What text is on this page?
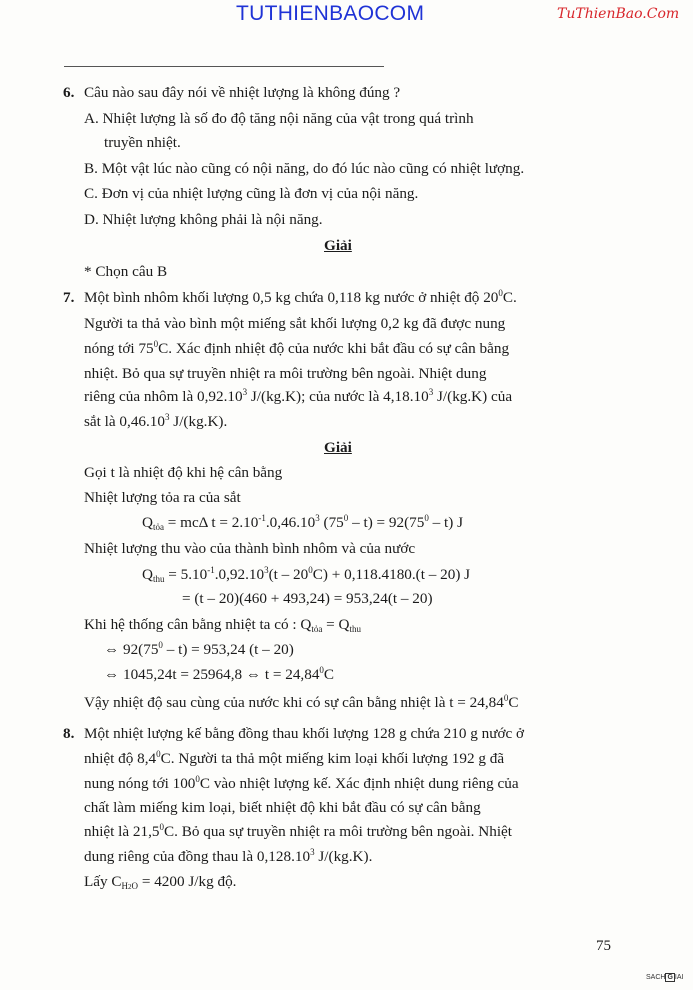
TUTHIENBAOCOM	TuThienBao.Com
6. Câu nào sau đây nói về nhiệt lượng là không đúng ?
A. Nhiệt lượng là số đo độ tăng nội năng của vật trong quá trình
truyền nhiệt.
B. Một vật lúc nào cũng có nội năng, do đó lúc nào cũng có nhiệt lượng.
C. Đơn vị của nhiệt lượng cũng là đơn vị của nội năng.
D. Nhiệt lượng không phải là nội năng.
Giải
* Chọn câu B
7. Một bình nhôm khối lượng 0,5 kg chứa 0,118 kg nước ở nhiệt độ $20^0C$.
Người ta thả vào bình một miếng sắt khối lượng 0,2 kg đã được nung
nóng tới $75^0C$. Xác định nhiệt độ của nước khi bắt đầu có sự cân bằng
nhiệt. Bỏ qua sự truyền nhiệt ra môi trường bên ngoài. Nhiệt dung
riêng của nhôm là 0,92.10$^3$ J/(kg.K); của nước là 4,18.10$^3$ J/(kg.K) của
sắt là 0,46.10$^3$ J/(kg.K).
Giải
Gọi t là nhiệt độ khi hệ cân bằng
Nhiệt lượng tỏa ra của sắt
$Q_{tỏa} = mc\Delta$ $t = 2.10^{-1}.0,46.10^3$ $(75^0 - t) = 92(75^0 - t)$ J
Nhiệt lượng thu vào của thành bình nhôm và của nước
$Q_{thu} = 5.10^{-1}.0,92.10^3(t - 20^0C) + 0,118.4180.(t - 20)$ J
= (t – 20)(460 + 493,24) = 953,24(t – 20)
Khi hệ thống cân bằng nhiệt ta có : $Q_{tỏa} = Q_{thu}$
⇔ $92(75^0 - t) = 953,24$ (t – 20)
⇔ 1045,24t = 25964,8 ⇔ $t = 24,84^0C$
Vậy nhiệt độ sau cùng của nước khi có sự cân bằng nhiệt là $t = 24,84^0C$
8. Một nhiệt lượng kế bằng đồng thau khối lượng 128 g chứa 210 g nước ở
nhiệt độ $8,4^0C$. Người ta thả một miếng kim loại khối lượng 192 g đã
nung nóng tới $100^0C$ vào nhiệt lượng kế. Xác định nhiệt dung riêng của
chất làm miếng kim loại, biết nhiệt độ khi bắt đầu có sự cân bằng
nhiệt là 21,5$^0$C. Bỏ qua sự truyền nhiệt ra môi trường bên ngoài. Nhiệt
dung riêng của đồng thau là 0,128.10$^3$ J/(kg.K).
Lấy $C_{H2O} = 4200$ J/kg độ.
75
SACH G IAI
